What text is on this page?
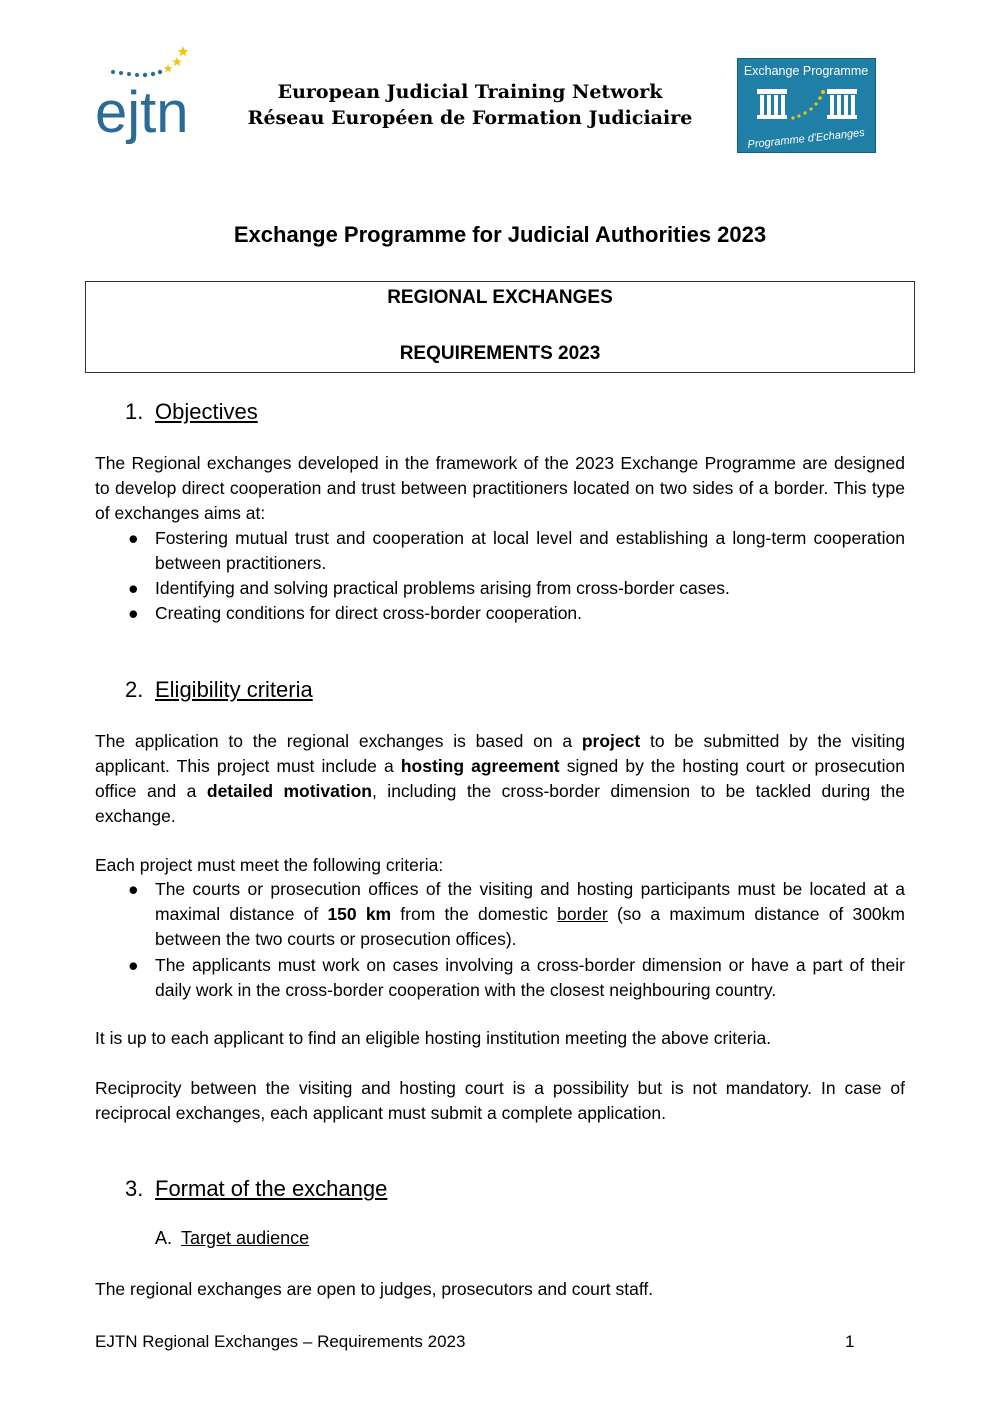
ejtn	European Judicial Training Network
Réseau Européen de Formation Judiciaire
Exchange Programme
Programme d'Echanges
Exchange Programme for Judicial Authorities 2023
REGIONAL EXCHANGES
REQUIREMENTS 2023
1. Objectives
The Regional exchanges developed in the framework of the 2023 Exchange Programme are designed to develop direct cooperation and trust between practitioners located on two sides of a border. This type of exchanges aims at:
● Fostering mutual trust and cooperation at local level and establishing a long-term cooperation between practitioners.
● Identifying and solving practical problems arising from cross-border cases.
● Creating conditions for direct cross-border cooperation.
2. Eligibility criteria
The application to the regional exchanges is based on a project to be submitted by the visiting applicant. This project must include a hosting agreement signed by the hosting court or prosecution office and a detailed motivation, including the cross-border dimension to be tackled during the exchange.
Each project must meet the following criteria:
● The courts or prosecution offices of the visiting and hosting participants must be located at a maximal distance of 150 km from the domestic border (so a maximum distance of 300km between the two courts or prosecution offices).
● The applicants must work on cases involving a cross-border dimension or have a part of their daily work in the cross-border cooperation with the closest neighbouring country.
It is up to each applicant to find an eligible hosting institution meeting the above criteria.
Reciprocity between the visiting and hosting court is a possibility but is not mandatory. In case of reciprocal exchanges, each applicant must submit a complete application.
3. Format of the exchange
A. Target audience
The regional exchanges are open to judges, prosecutors and court staff.
EJTN Regional Exchanges – Requirements 2023	1
